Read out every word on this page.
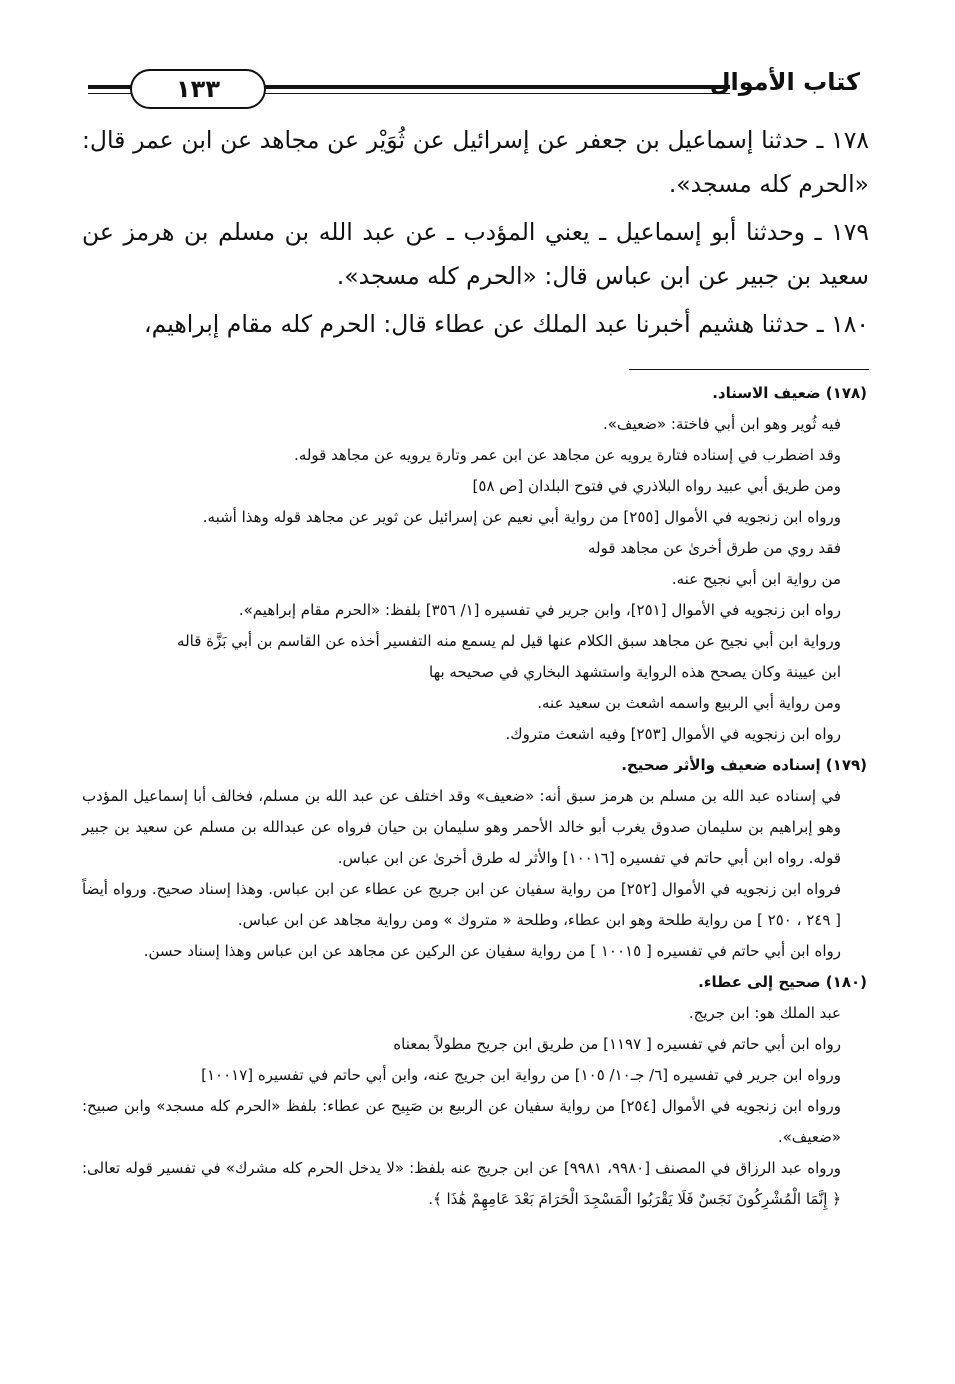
كتاب الأموال
١٣٣

١٧٨ ـ حدثنا إسماعيل بن جعفر عن إسرائيل عن ثُوَيْر عن مجاهد عن ابن عمر قال: «الحرم كله مسجد».

١٧٩ ـ وحدثنا أبو إسماعيل ـ يعني المؤدب ـ عن عبد الله بن مسلم بن هرمز عن سعيد بن جبير عن ابن عباس قال: «الحرم كله مسجد».

١٨٠ ـ حدثنا هشيم أخبرنا عبد الملك عن عطاء قال: الحرم كله مقام إبراهيم،

(١٧٨) ضعيف الاسناد.

فيه ثُوير وهو ابن أبي فاختة: «ضعيف».

وقد اضطرب في إسناده فتارة يرويه عن مجاهد عن ابن عمر وتارة يرويه عن مجاهد قوله.

ومن طريق أبي عبيد رواه البلاذري في فتوح البلدان [ص ٥٨]

ورواه ابن زنجويه في الأموال [٢٥٥] من رواية أبي نعيم عن إسرائيل عن ثوير عن مجاهد قوله وهذا أشبه.

فقد روي من طرق أخرىٰ عن مجاهد قوله

من رواية ابن أبي نجيح عنه.

رواه ابن زنجويه في الأموال [٢٥١]، وابن جرير في تفسيره [١/ ٣٥٦] بلفظ: «الحرم مقام إبراهيم».

ورواية ابن أبي نجيح عن مجاهد سبق الكلام عنها قيل لم يسمع منه التفسير أخذه عن القاسم بن أبي بَزَّة قاله

ابن عيينة وكان يصحح هذه الرواية واستشهد البخاري في صحيحه بها

ومن رواية أبي الربيع واسمه اشعث بن سعيد عنه.

رواه ابن زنجويه في الأموال [٢٥٣] وفيه اشعث متروك.

(١٧٩) إسناده ضعيف والأثر صحيح.

في إسناده عبد الله بن مسلم بن هرمز سبق أنه: «ضعيف» وقد اختلف عن عبد الله بن مسلم، فخالف أبا إسماعيل المؤدب وهو إبراهيم بن سليمان صدوق يغرب أبو خالد الأحمر وهو سليمان بن حيان فرواه عن عبدالله بن مسلم عن سعيد بن جبير قوله. رواه ابن أبي حاتم في تفسيره [١٠٠١٦] والأثر له طرق أخرىٰ عن ابن عباس.

فرواه ابن زنجويه في الأموال [٢٥٢] من رواية سفيان عن ابن جريج عن عطاء عن ابن عباس. وهذا إسناد صحيح. ورواه أيضاً [ ٢٤٩ ، ٢٥٠ ] من رواية طلحة وهو ابن عطاء، وطلحة « متروك » ومن رواية مجاهد عن ابن عباس.

رواه ابن أبي حاتم في تفسيره [ ١٠٠١٥ ] من رواية سفيان عن الركين عن مجاهد عن ابن عباس وهذا إسناد حسن.

(١٨٠) صحيح إلى عطاء.

عبد الملك هو: ابن جريج.

رواه ابن أبي حاتم في تفسيره [ ١١٩٧] من طريق ابن جريح مطولاً بمعناه

ورواه ابن جرير في تفسيره [٦/ جـ١٠/ ١٠٥] من رواية ابن جريج عنه، وابن أبي حاتم في تفسيره [١٠٠١٧]

ورواه ابن زنجويه في الأموال [٢٥٤] من رواية سفيان عن الربيع بن صَبِيح عن عطاء: بلفظ «الحرم كله مسجد» وابن صبيح: «ضعيف».

ورواه عبد الرزاق في المصنف [٩٩٨٠، ٩٩٨١] عن ابن جريج عنه بلفظ: «لا يدخل الحرم كله مشرك» في تفسير قوله تعالى: ﴿ إِنَّمَا الْمُشْرِكُونَ نَجَسٌ فَلَا يَقْرَبُوا الْمَسْجِدَ الْحَرَامَ بَعْدَ عَامِهِمْ هَٰذَا ﴾.
